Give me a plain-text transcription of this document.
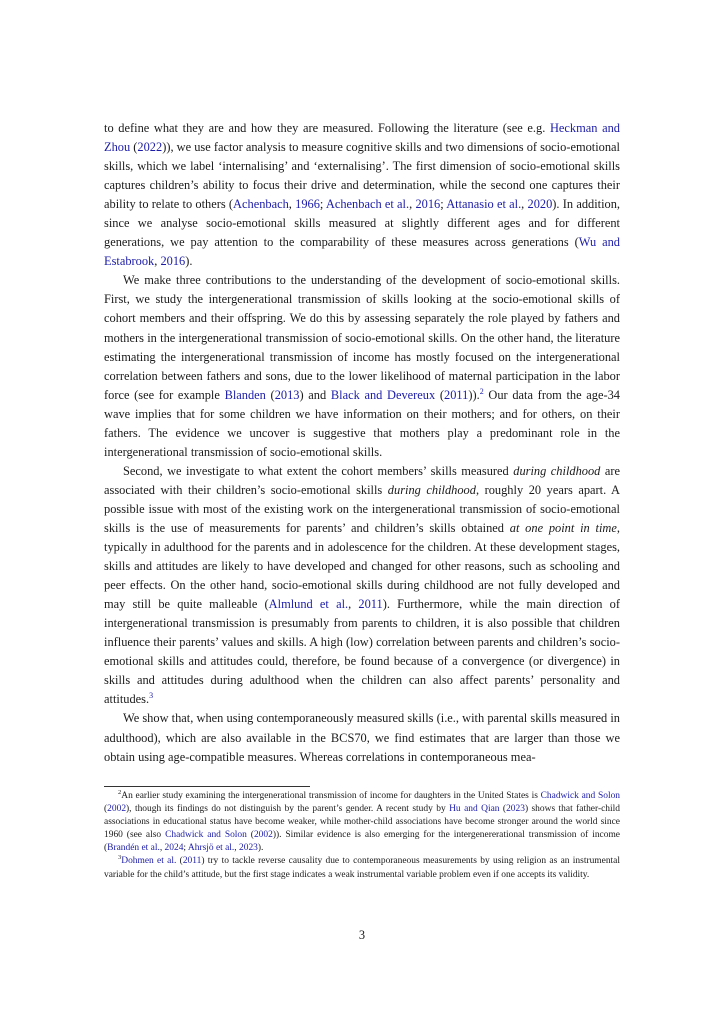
to define what they are and how they are measured. Following the literature (see e.g. Heckman and Zhou (2022)), we use factor analysis to measure cognitive skills and two dimensions of socio-emotional skills, which we label ‘internalising’ and ‘externalising’. The first dimension of socio-emotional skills captures children’s ability to focus their drive and determination, while the second one captures their ability to relate to others (Achenbach, 1966; Achenbach et al., 2016; Attanasio et al., 2020). In addition, since we analyse socio-emotional skills measured at slightly different ages and for different generations, we pay attention to the comparability of these measures across generations (Wu and Estabrook, 2016).

We make three contributions to the understanding of the development of socio-emotional skills. First, we study the intergenerational transmission of skills looking at the socio-emotional skills of cohort members and their offspring. We do this by assessing separately the role played by fathers and mothers in the intergenerational transmission of socio-emotional skills. On the other hand, the literature estimating the intergenerational transmission of income has mostly focused on the intergenerational correlation between fathers and sons, due to the lower likelihood of maternal participation in the labor force (see for example Blanden (2013) and Black and Devereux (2011)).$^2$ Our data from the age-34 wave implies that for some children we have information on their mothers; and for others, on their fathers. The evidence we uncover is suggestive that mothers play a predominant role in the intergenerational transmission of socio-emotional skills.

Second, we investigate to what extent the cohort members’ skills measured during childhood are associated with their children’s socio-emotional skills during childhood, roughly 20 years apart. A possible issue with most of the existing work on the intergenerational transmission of socio-emotional skills is the use of measurements for parents’ and children’s skills obtained at one point in time, typically in adulthood for the parents and in adolescence for the children. At these development stages, skills and attitudes are likely to have developed and changed for other reasons, such as schooling and peer effects. On the other hand, socio-emotional skills during childhood are not fully developed and may still be quite malleable (Almlund et al., 2011). Furthermore, while the main direction of intergenerational transmission is presumably from parents to children, it is also possible that children influence their parents’ values and skills. A high (low) correlation between parents and children’s socio-emotional skills and attitudes could, therefore, be found because of a convergence (or divergence) in skills and attitudes during adulthood when the children can also affect parents’ personality and attitudes.$^3$

We show that, when using contemporaneously measured skills (i.e., with parental skills measured in adulthood), which are also available in the BCS70, we find estimates that are larger than those we obtain using age-compatible measures. Whereas correlations in contemporaneous mea-

$^2$An earlier study examining the intergenerational transmission of income for daughters in the United States is Chadwick and Solon (2002), though its findings do not distinguish by the parent’s gender. A recent study by Hu and Qian (2023) shows that father-child associations in educational status have become weaker, while mother-child associations have become stronger around the world since 1960 (see also Chadwick and Solon (2002)). Similar evidence is also emerging for the intergenererational transmission of income (Brandén et al., 2024; Ahrsjö et al., 2023).

$^3$Dohmen et al. (2011) try to tackle reverse causality due to contemporaneous measurements by using religion as an instrumental variable for the child’s attitude, but the first stage indicates a weak instrumental variable problem even if one accepts its validity.

3
